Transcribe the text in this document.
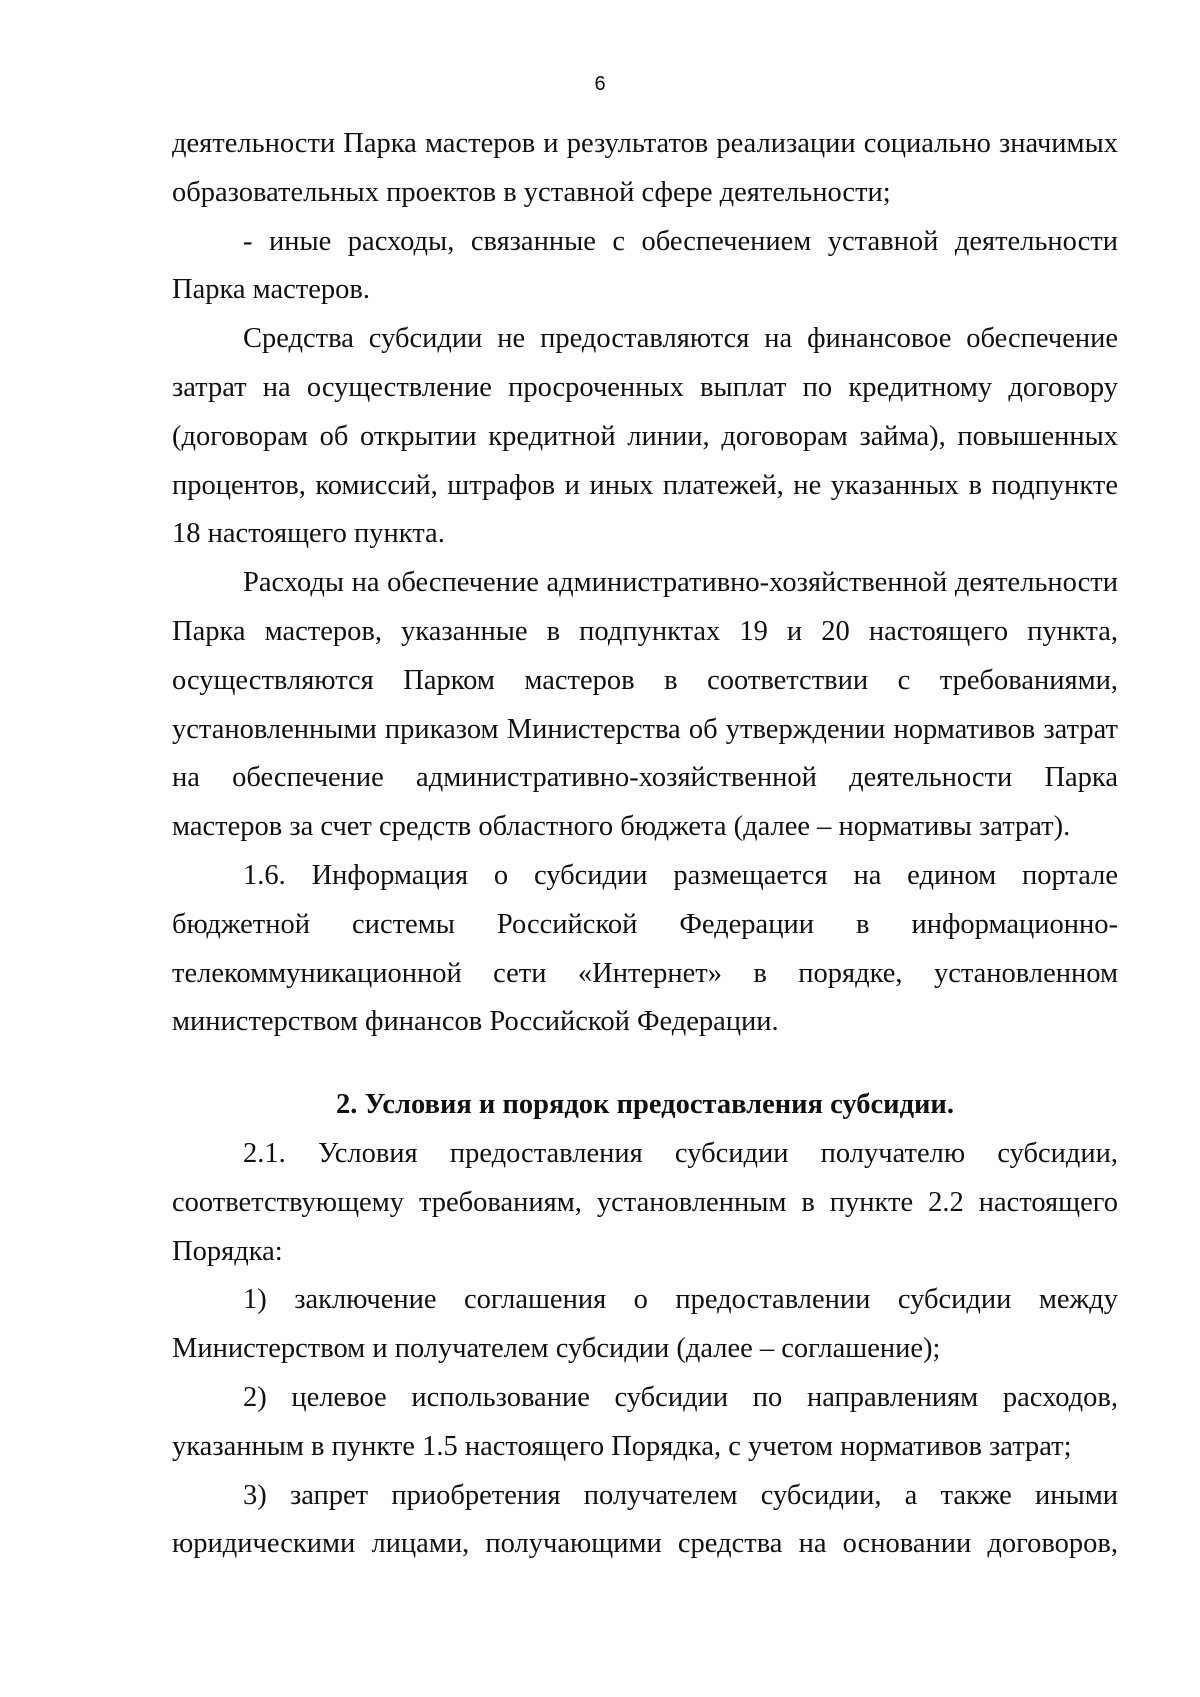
6

деятельности Парка мастеров и результатов реализации социально значимых образовательных проектов в уставной сфере деятельности;

- иные расходы, связанные с обеспечением уставной деятельности Парка мастеров.

Средства субсидии не предоставляются на финансовое обеспечение затрат на осуществление просроченных выплат по кредитному договору (договорам об открытии кредитной линии, договорам займа), повышенных процентов, комиссий, штрафов и иных платежей, не указанных в подпункте 18 настоящего пункта.

Расходы на обеспечение административно-хозяйственной деятельности Парка мастеров, указанные в подпунктах 19 и 20 настоящего пункта, осуществляются Парком мастеров в соответствии с требованиями, установленными приказом Министерства об утверждении нормативов затрат на обеспечение административно-хозяйственной деятельности Парка мастеров за счет средств областного бюджета (далее – нормативы затрат).

1.6. Информация о субсидии размещается на едином портале бюджетной системы Российской Федерации в информационно-телекоммуникационной сети «Интернет» в порядке, установленном министерством финансов Российской Федерации.

2. Условия и порядок предоставления субсидии.

2.1. Условия предоставления субсидии получателю субсидии, соответствующему требованиям, установленным в пункте 2.2 настоящего Порядка:

1) заключение соглашения о предоставлении субсидии между Министерством и получателем субсидии (далее – соглашение);

2) целевое использование субсидии по направлениям расходов, указанным в пункте 1.5 настоящего Порядка, с учетом нормативов затрат;

3) запрет приобретения получателем субсидии, а также иными юридическими лицами, получающими средства на основании договоров,
